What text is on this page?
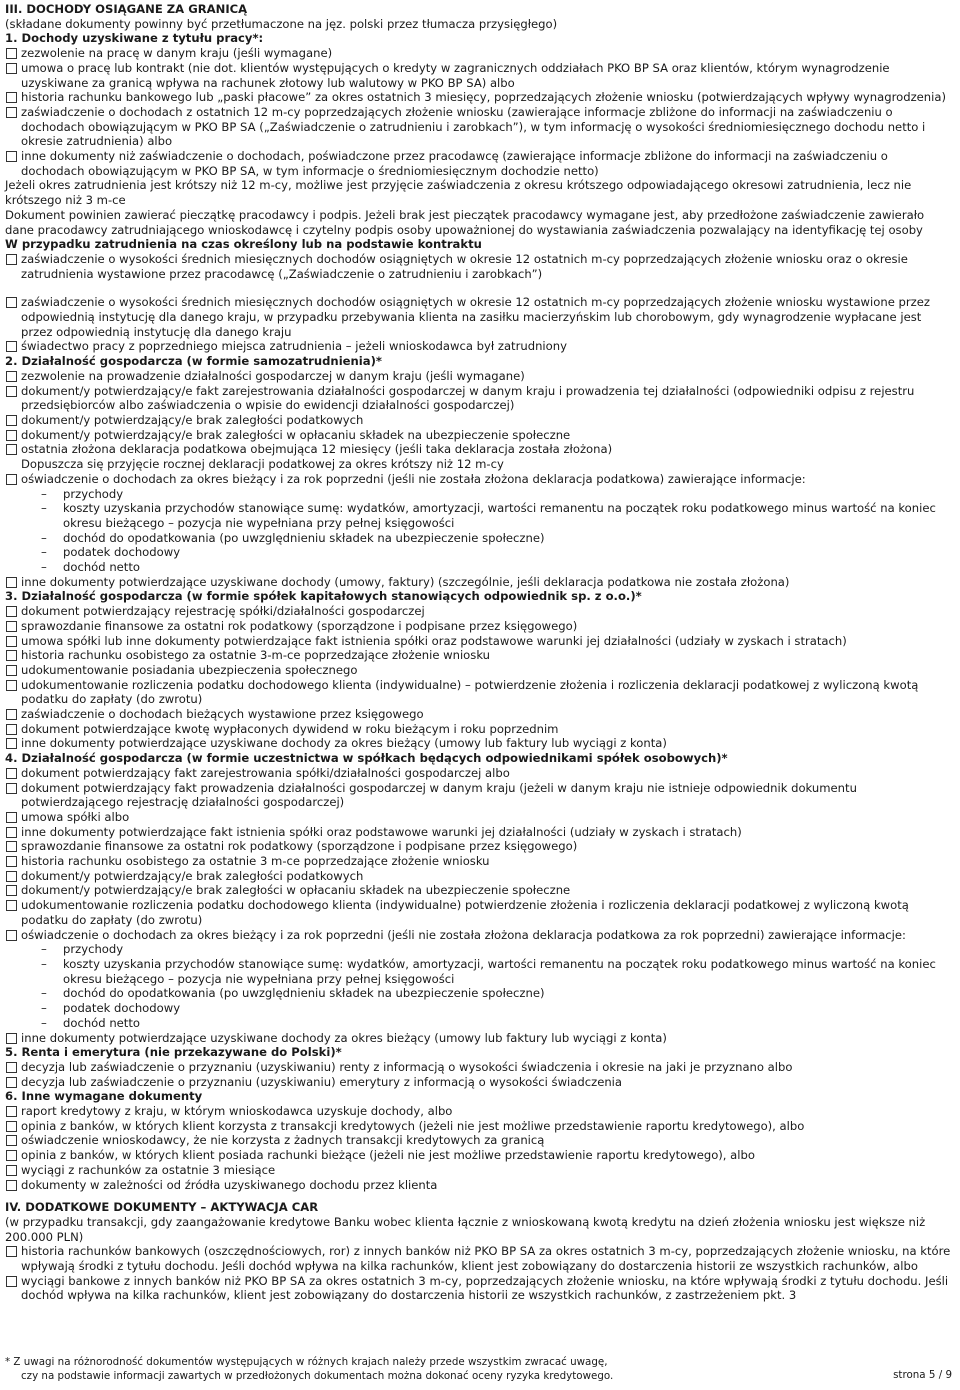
III. DOCHODY OSIĄGANE ZA GRANICĄ
(składane dokumenty powinny być przetłumaczone na jęz. polski przez tłumacza przysięgłego)
1. Dochody uzyskiwane z tytułu pracy*:
zezwolenie na pracę w danym kraju (jeśli wymagane)
umowa o pracę lub kontrakt (nie dot. klientów występujących o kredyty w zagranicznych oddziałach PKO BP SA oraz klientów, którym wynagrodzenie uzyskiwane za granicą wpływa na rachunek złotowy lub walutowy w PKO BP SA) albo
historia rachunku bankowego lub „paski płacowe” za okres ostatnich 3 miesięcy, poprzedzających złożenie wniosku (potwierdzających wpływy wynagrodzenia)
zaświadczenie o dochodach z ostatnich 12 m-cy poprzedzających złożenie wniosku (zawierające informacje zbliżone do informacji na zaświadczeniu o dochodach obowiązującym w PKO BP SA („Zaświadczenie o zatrudnieniu i zarobkach”), w tym informację o wysokości średniomiesięcznego dochodu netto i okresie zatrudnienia) albo
inne dokumenty niż zaświadczenie o dochodach, poświadczone przez pracodawcę (zawierające informacje zbliżone do informacji na zaświadczeniu o dochodach obowiązującym w PKO BP SA, w tym informacje o średniomiesięcznym dochodzie netto)
Jeżeli okres zatrudnienia jest krótszy niż 12 m-cy, możliwe jest przyjęcie zaświadczenia z okresu krótszego odpowiadającego okresowi zatrudnienia, lecz nie krótszego niż 3 m-ce
Dokument powinien zawierać pieczątkę pracodawcy i podpis. Jeżeli brak jest pieczątek pracodawcy wymagane jest, aby przedłożone zaświadczenie zawierało dane pracodawcy zatrudniającego wnioskodawcę i czytelny podpis osoby upoważnionej do wystawiania zaświadczenia pozwalający na identyfikację tej osoby
W przypadku zatrudnienia na czas określony lub na podstawie kontraktu
zaświadczenie o wysokości średnich miesięcznych dochodów osiągniętych w okresie 12 ostatnich m-cy poprzedzających złożenie wniosku oraz o okresie zatrudnienia wystawione przez pracodawcę („Zaświadczenie o zatrudnieniu i zarobkach”)
zaświadczenie o wysokości średnich miesięcznych dochodów osiągniętych w okresie 12 ostatnich m-cy poprzedzających złożenie wniosku wystawione przez odpowiednią instytucję dla danego kraju, w przypadku przebywania klienta na zasiłku macierzyńskim lub chorobowym, gdy wynagrodzenie wypłacane jest przez odpowiednią instytucję dla danego kraju
świadectwo pracy z poprzedniego miejsca zatrudnienia – jeżeli wnioskodawca był zatrudniony
2. Działalność gospodarcza (w formie samozatrudnienia)*
zezwolenie na prowadzenie działalności gospodarczej w danym kraju (jeśli wymagane)
dokument/y potwierdzający/e fakt zarejestrowania działalności gospodarczej w danym kraju i prowadzenia tej działalności (odpowiedniki odpisu z rejestru przedsiębiorców albo zaświadczenia o wpisie do ewidencji działalności gospodarczej)
dokument/y potwierdzający/e brak zaległości podatkowych
dokument/y potwierdzający/e brak zaległości w opłacaniu składek na ubezpieczenie społeczne
ostatnia złożona deklaracja podatkowa obejmująca 12 miesięcy (jeśli taka deklaracja została złożona)
Dopuszcza się przyjęcie rocznej deklaracji podatkowej za okres krótszy niż 12 m-cy
oświadczenie o dochodach za okres bieżący i za rok poprzedni (jeśli nie została złożona deklaracja podatkowa) zawierające informacje:
– przychody
– koszty uzyskania przychodów stanowiące sumę: wydatków, amortyzacji, wartości remanentu na początek roku podatkowego minus wartość na koniec okresu bieżącego – pozycja nie wypełniana przy pełnej księgowości
– dochód do opodatkowania (po uwzględnieniu składek na ubezpieczenie społeczne)
– podatek dochodowy
– dochód netto
inne dokumenty potwierdzające uzyskiwane dochody (umowy, faktury) (szczególnie, jeśli deklaracja podatkowa nie została złożona)
3. Działalność gospodarcza (w formie spółek kapitałowych stanowiących odpowiednik sp. z o.o.)*
dokument potwierdzający rejestrację spółki/działalności gospodarczej
sprawozdanie finansowe za ostatni rok podatkowy (sporządzone i podpisane przez księgowego)
umowa spółki lub inne dokumenty potwierdzające fakt istnienia spółki oraz podstawowe warunki jej działalności (udziały w zyskach i stratach)
historia rachunku osobistego za ostatnie 3-m-ce poprzedzające złożenie wniosku
udokumentowanie posiadania ubezpieczenia społecznego
udokumentowanie rozliczenia podatku dochodowego klienta (indywidualne) – potwierdzenie złożenia i rozliczenia deklaracji podatkowej z wyliczoną kwotą podatku do zapłaty (do zwrotu)
zaświadczenie o dochodach bieżących wystawione przez księgowego
dokument potwierdzające kwotę wypłaconych dywidend w roku bieżącym i roku poprzednim
inne dokumenty potwierdzające uzyskiwane dochody za okres bieżący (umowy lub fakturу lub wyciągi z konta)
4. Działalność gospodarcza (w formie uczestnictwa w spółkach będących odpowiednikami spółek osobowych)*
dokument potwierdzający fakt zarejestrowania spółki/działalności gospodarczej albo
dokument potwierdzający fakt prowadzenia działalności gospodarczej w danym kraju (jeżeli w danym kraju nie istnieje odpowiednik dokumentu potwierdzającego rejestrację działalności gospodarczej)
umowa spółki albo
inne dokumenty potwierdzające fakt istnienia spółki oraz podstawowe warunki jej działalności (udziały w zyskach i stratach)
sprawozdanie finansowe za ostatni rok podatkowy (sporządzone i podpisane przez księgowego)
historia rachunku osobistego za ostatnie 3 m-ce poprzedzające złożenie wniosku
dokument/y potwierdzający/e brak zaległości podatkowych
dokument/y potwierdzający/e brak zaległości w opłacaniu składek na ubezpieczenie społeczne
udokumentowanie rozliczenia podatku dochodowego klienta (indywidualne) potwierdzenie złożenia i rozliczenia deklaracji podatkowej z wyliczoną kwotą podatku do zapłaty (do zwrotu)
oświadczenie o dochodach za okres bieżący i za rok poprzedni (jeśli nie została złożona deklaracja podatkowa za rok poprzedni) zawierające informacje:
– przychody
– koszty uzyskania przychodów stanowiące sumę: wydatków, amortyzacji, wartości remanentu na początek roku podatkowego minus wartość na koniec okresu bieżącego – pozycja nie wypełniana przy pełnej księgowości
– dochód do opodatkowania (po uwzględnieniu składek na ubezpieczenie społeczne)
– podatek dochodowy
– dochód netto
inne dokumenty potwierdzające uzyskiwane dochody za okres bieżący (umowy lub faktury lub wyciągi z konta)
5. Renta i emerytura (nie przekazywane do Polski)*
decyzja lub zaświadczenie o przyznaniu (uzyskiwaniu) renty z informacją o wysokości świadczenia i okresie na jaki je przyznano albo
decyzja lub zaświadczenie o przyznaniu (uzyskiwaniu) emerytury z informacją o wysokości świadczenia
6. Inne wymagane dokumenty
raport kredytowy z kraju, w którym wnioskodawca uzyskuje dochody, albo
opinia z banków, w których klient korzysta z transakcji kredytowych (jeżeli nie jest możliwe przedstawienie raportu kredytowego), albo
oświadczenie wnioskodawcy, że nie korzysta z żadnych transakcji kredytowych za granicą
opinia z banków, w których klient posiada rachunki bieżące (jeżeli nie jest możliwe przedstawienie raportu kredytowego), albo
wyciągi z rachunków za ostatnie 3 miesiące
dokumenty w zależności od źródła uzyskiwanego dochodu przez klienta
IV. DODATKOWE DOKUMENTY – AKTYWACJA CAR
(w przypadku transakcji, gdy zaangażowanie kredytowe Banku wobec klienta łącznie z wnioskowaną kwotą kredytu na dzień złożenia wniosku jest większe niż 200.000 PLN)
historia rachunków bankowych (oszczędnościowych, ror) z innych banków niż PKO BP SA za okres ostatnich 3 m-cy, poprzedzających złożenie wniosku, na które wpływają środki z tytułu dochodu. Jeśli dochód wpływa na kilka rachunków, klient jest zobowiązany do dostarczenia historii ze wszystkich rachunków, albo
wyciągi bankowe z innych banków niż PKO BP SA za okres ostatnich 3 m-cy, poprzedzających złożenie wniosku, na które wpływają środki z tytułu dochodu. Jeśli dochód wpływa na kilka rachunków, klient jest zobowiązany do dostarczenia historii ze wszystkich rachunków, z zastrzeżeniem pkt. 3
* Z uwagi na różnorodność dokumentów występujących w różnych krajach należy przede wszystkim zwracać uwagę,
czy na podstawie informacji zawartych w przedłożonych dokumentach można dokonać oceny ryzyka kredytowego.	strona 5 / 9
